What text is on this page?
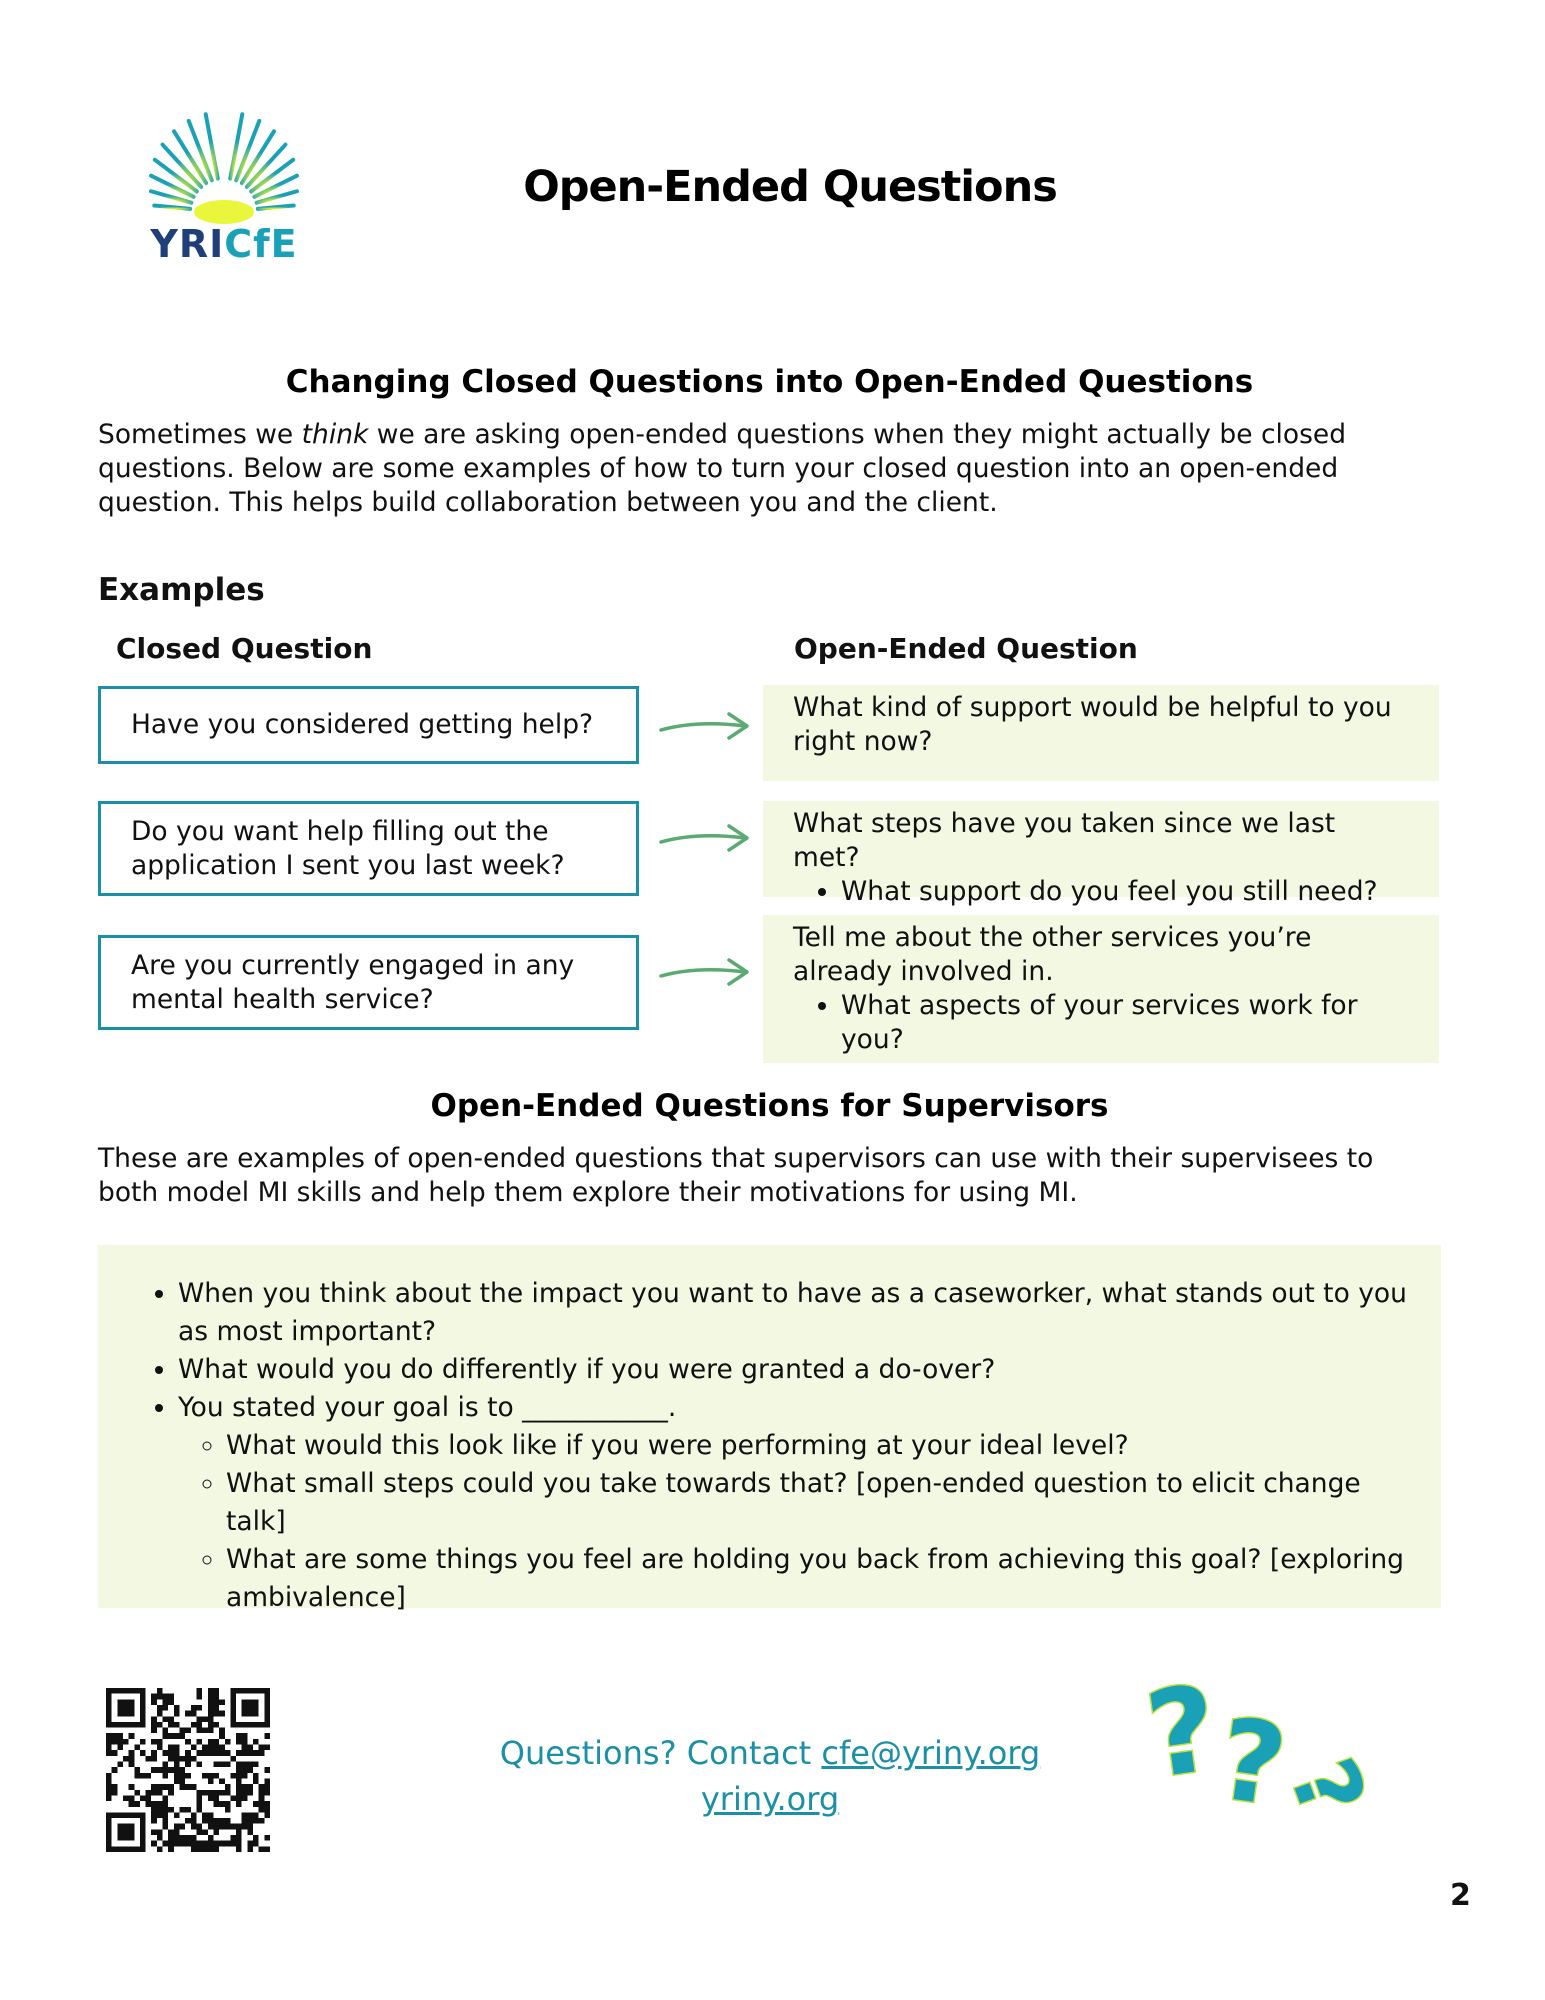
YRICfE
Open-Ended Questions
Changing Closed Questions into Open-Ended Questions
Sometimes we think we are asking open-ended questions when they might actually be closed questions. Below are some examples of how to turn your closed question into an open-ended question. This helps build collaboration between you and the client.
Examples
Closed Question	Open-Ended Question
Have you considered getting help?
What kind of support would be helpful to you right now?
Do you want help filling out the application I sent you last week?
What steps have you taken since we last met?
• What support do you feel you still need?
Are you currently engaged in any mental health service?
Tell me about the other services you’re already involved in.
• What aspects of your services work for you?
Open-Ended Questions for Supervisors
These are examples of open-ended questions that supervisors can use with their supervisees to both model MI skills and help them explore their motivations for using MI.
• When you think about the impact you want to have as a caseworker, what stands out to you as most important?
• What would you do differently if you were granted a do-over?
• You stated your goal is to ___________.
◦ What would this look like if you were performing at your ideal level?
◦ What small steps could you take towards that? [open-ended question to elicit change talk]
◦ What are some things you feel are holding you back from achieving this goal? [exploring ambivalence]
Questions? Contact cfe@yriny.org
yriny.org	?
?
?
2
